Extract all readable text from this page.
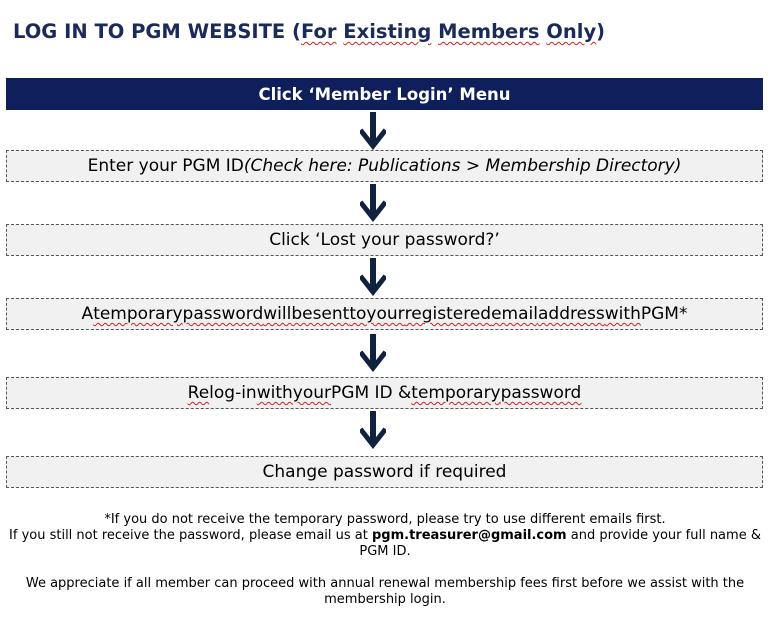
LOG IN TO PGM WEBSITE (For Existing Members Only)
Click ‘Member Login’ Menu
Enter your PGM ID (Check here: Publications > Membership Directory)
Click ‘Lost your password?’
A temporary password will be sent to your registered email address with PGM*
Re log-in with your PGM ID & temporary password
Change password if required
*If you do not receive the temporary password, please try to use different emails first.
If you still not receive the password, please email us at pgm.treasurer@gmail.com and provide your full name &
PGM ID.
We appreciate if all member can proceed with annual renewal membership fees first before we assist with the
membership login.
